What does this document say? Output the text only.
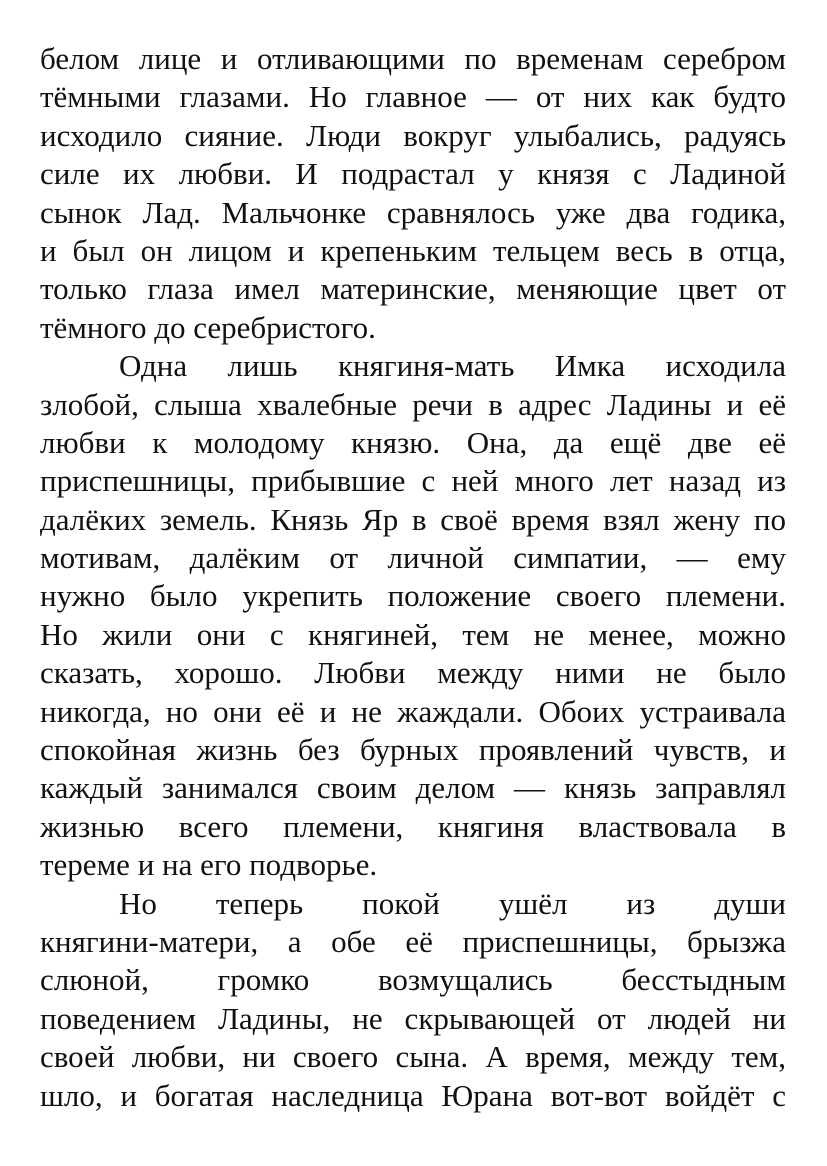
белом лице и отливающими по временам серебром
тёмными глазами. Но главное — от них как будто
исходило сияние. Люди вокруг улыбались, радуясь
силе их любви. И подрастал у князя с Ладиной
сынок Лад. Мальчонке сравнялось уже два годика,
и был он лицом и крепеньким тельцем весь в отца,
только глаза имел материнские, меняющие цвет от
тёмного до серебристого.
Одна лишь княгиня-мать Имка исходила
злобой, слыша хвалебные речи в адрес Ладины и её
любви к молодому князю. Она, да ещё две её
приспешницы, прибывшие с ней много лет назад из
далёких земель. Князь Яр в своё время взял жену по
мотивам, далёким от личной симпатии, — ему
нужно было укрепить положение своего племени.
Но жили они с княгиней, тем не менее, можно
сказать, хорошо. Любви между ними не было
никогда, но они её и не жаждали. Обоих устраивала
спокойная жизнь без бурных проявлений чувств, и
каждый занимался своим делом — князь заправлял
жизнью всего племени, княгиня властвовала в
тереме и на его подворье.
Но теперь покой ушёл из души
княгини-матери, а обе её приспешницы, брызжа
слюной, громко возмущались бесстыдным
поведением Ладины, не скрывающей от людей ни
своей любви, ни своего сына. А время, между тем,
шло, и богатая наследница Юрана вот-вот войдёт с
